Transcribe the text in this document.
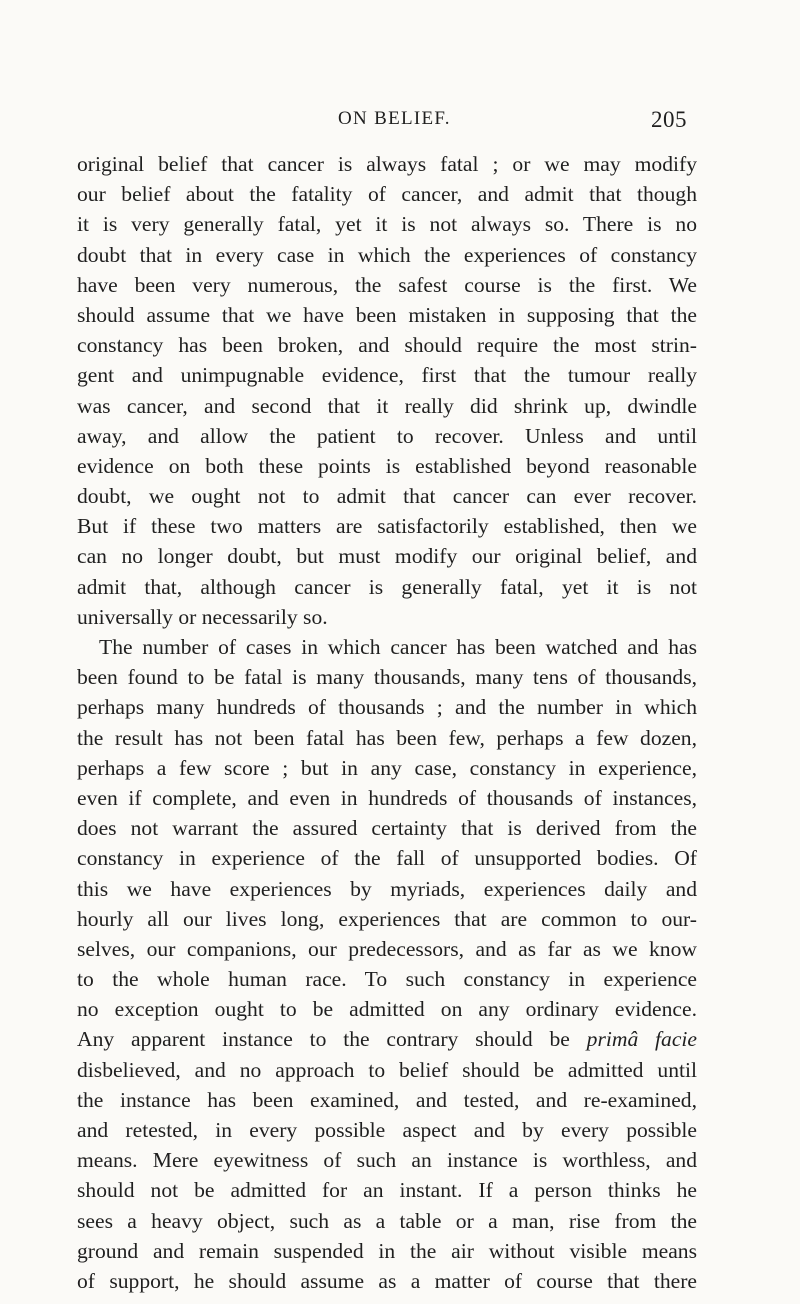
ON BELIEF.	205
original belief that cancer is always fatal ; or we may modify
our belief about the fatality of cancer, and admit that though
it is very generally fatal, yet it is not always so. There is no
doubt that in every case in which the experiences of constancy
have been very numerous, the safest course is the first. We
should assume that we have been mistaken in supposing that the
constancy has been broken, and should require the most strin-
gent and unimpugnable evidence, first that the tumour really
was cancer, and second that it really did shrink up, dwindle
away, and allow the patient to recover. Unless and until
evidence on both these points is established beyond reasonable
doubt, we ought not to admit that cancer can ever recover.
But if these two matters are satisfactorily established, then we
can no longer doubt, but must modify our original belief, and
admit that, although cancer is generally fatal, yet it is not
universally or necessarily so.
The number of cases in which cancer has been watched and has
been found to be fatal is many thousands, many tens of thousands,
perhaps many hundreds of thousands ; and the number in which
the result has not been fatal has been few, perhaps a few dozen,
perhaps a few score ; but in any case, constancy in experience,
even if complete, and even in hundreds of thousands of instances,
does not warrant the assured certainty that is derived from the
constancy in experience of the fall of unsupported bodies. Of
this we have experiences by myriads, experiences daily and
hourly all our lives long, experiences that are common to our-
selves, our companions, our predecessors, and as far as we know
to the whole human race. To such constancy in experience
no exception ought to be admitted on any ordinary evidence.
Any apparent instance to the contrary should be primâ facie
disbelieved, and no approach to belief should be admitted until
the instance has been examined, and tested, and re-examined,
and retested, in every possible aspect and by every possible
means. Mere eyewitness of such an instance is worthless, and
should not be admitted for an instant. If a person thinks he
sees a heavy object, such as a table or a man, rise from the
ground and remain suspended in the air without visible means
of support, he should assume as a matter of course that there
